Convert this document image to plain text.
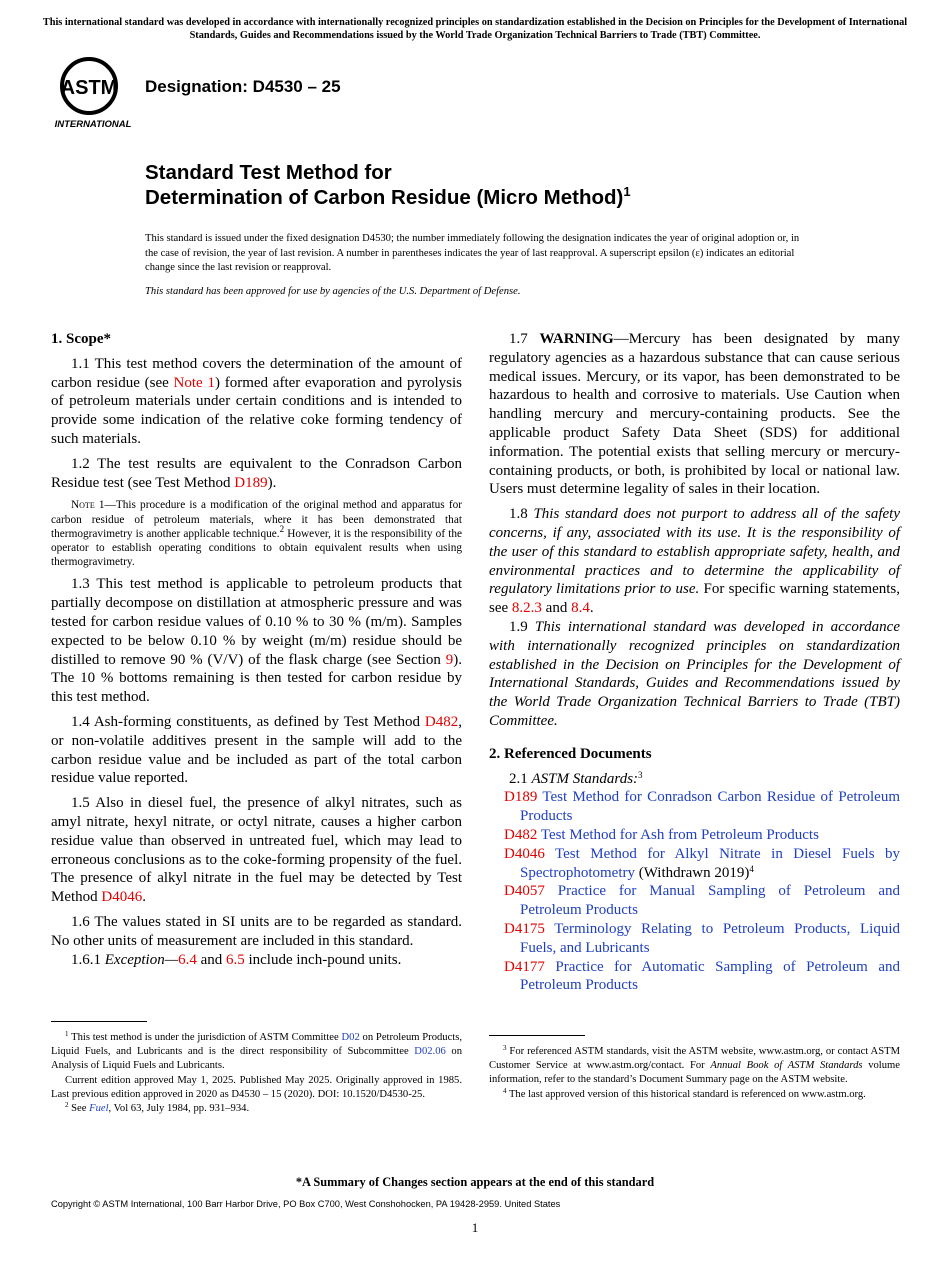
This international standard was developed in accordance with internationally recognized principles on standardization established in the Decision on Principles for the Development of International Standards, Guides and Recommendations issued by the World Trade Organization Technical Barriers to Trade (TBT) Committee.
ASTM
INTERNATIONAL
Designation: D4530 – 25
Standard Test Method for
Determination of Carbon Residue (Micro Method)$^1$
This standard is issued under the fixed designation D4530; the number immediately following the designation indicates the year of original adoption or, in the case of revision, the year of last revision. A number in parentheses indicates the year of last reapproval. A superscript epsilon (ε) indicates an editorial change since the last revision or reapproval.
This standard has been approved for use by agencies of the U.S. Department of Defense.
1. Scope*

1.1 This test method covers the determination of the amount of carbon residue (see Note 1) formed after evaporation and pyrolysis of petroleum materials under certain conditions and is intended to provide some indication of the relative coke forming tendency of such materials.

1.2 The test results are equivalent to the Conradson Carbon Residue test (see Test Method D189).

Note 1—This procedure is a modification of the original method and apparatus for carbon residue of petroleum materials, where it has been demonstrated that thermogravimetry is another applicable technique.$^2$ However, it is the responsibility of the operator to establish operating conditions to obtain equivalent results when using thermogravimetry.

1.3 This test method is applicable to petroleum products that partially decompose on distillation at atmospheric pressure and was tested for carbon residue values of 0.10 % to 30 % (m/m). Samples expected to be below 0.10 % by weight (m/m) residue should be distilled to remove 90 % (V/V) of the flask charge (see Section 9). The 10 % bottoms remaining is then tested for carbon residue by this test method.

1.4 Ash-forming constituents, as defined by Test Method D482, or non-volatile additives present in the sample will add to the carbon residue value and be included as part of the total carbon residue value reported.

1.5 Also in diesel fuel, the presence of alkyl nitrates, such as amyl nitrate, hexyl nitrate, or octyl nitrate, causes a higher carbon residue value than observed in untreated fuel, which may lead to erroneous conclusions as to the coke-forming propensity of the fuel. The presence of alkyl nitrate in the fuel may be detected by Test Method D4046.

1.6 The values stated in SI units are to be regarded as standard. No other units of measurement are included in this standard.

1.6.1 Exception—6.4 and 6.5 include inch-pound units.

1.7 WARNING—Mercury has been designated by many regulatory agencies as a hazardous substance that can cause serious medical issues. Mercury, or its vapor, has been demonstrated to be hazardous to health and corrosive to materials. Use Caution when handling mercury and mercury-containing products. See the applicable product Safety Data Sheet (SDS) for additional information. The potential exists that selling mercury or mercury-containing products, or both, is prohibited by local or national law. Users must determine legality of sales in their location.

1.8 This standard does not purport to address all of the safety concerns, if any, associated with its use. It is the responsibility of the user of this standard to establish appropriate safety, health, and environmental practices and to determine the applicability of regulatory limitations prior to use. For specific warning statements, see 8.2.3 and 8.4.

1.9 This international standard was developed in accordance with internationally recognized principles on standardization established in the Decision on Principles for the Development of International Standards, Guides and Recommendations issued by the World Trade Organization Technical Barriers to Trade (TBT) Committee.

2. Referenced Documents

2.1 ASTM Standards:$^3$

D189 Test Method for Conradson Carbon Residue of Petroleum Products
D482 Test Method for Ash from Petroleum Products
D4046 Test Method for Alkyl Nitrate in Diesel Fuels by Spectrophotometry (Withdrawn 2019)$^4$
D4057 Practice for Manual Sampling of Petroleum and Petroleum Products
D4175 Terminology Relating to Petroleum Products, Liquid Fuels, and Lubricants
D4177 Practice for Automatic Sampling of Petroleum and Petroleum Products

$^1$ This test method is under the jurisdiction of ASTM Committee D02 on Petroleum Products, Liquid Fuels, and Lubricants and is the direct responsibility of Subcommittee D02.06 on Analysis of Liquid Fuels and Lubricants.

Current edition approved May 1, 2025. Published May 2025. Originally approved in 1985. Last previous edition approved in 2020 as D4530 – 15 (2020). DOI: 10.1520/D4530-25.

$^2$ See Fuel, Vol 63, July 1984, pp. 931–934.

$^3$ For referenced ASTM standards, visit the ASTM website, www.astm.org, or contact ASTM Customer Service at www.astm.org/contact. For Annual Book of ASTM Standards volume information, refer to the standard’s Document Summary page on the ASTM website.

$^4$ The last approved version of this historical standard is referenced on www.astm.org.

*A Summary of Changes section appears at the end of this standard
Copyright © ASTM International, 100 Barr Harbor Drive, PO Box C700, West Conshohocken, PA 19428-2959. United States
1
